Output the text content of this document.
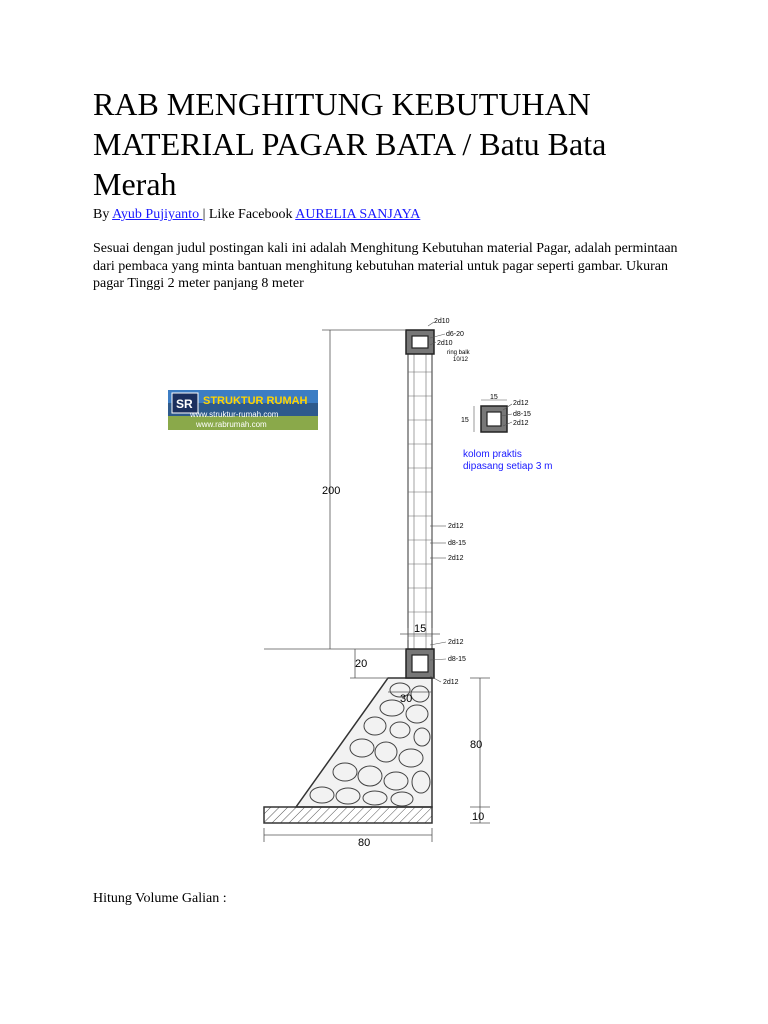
RAB MENGHITUNG KEBUTUHAN MATERIAL PAGAR BATA / Batu Bata Merah
By Ayub Pujiyanto | Like Facebook AURELIA SANJAYA

Sesuai dengan judul postingan kali ini adalah Menghitung Kebutuhan material Pagar, adalah permintaan dari pembaca yang minta bantuan menghitung kebutuhan material untuk pagar seperti gambar. Ukuran pagar Tinggi 2 meter panjang 8 meter

SR STRUKTUR RUMAH
www.struktur-rumah.com
www.rabrumah.com
200
20
15
30
80
10
80
2d10
d6-20
2d10
ring balk
10/12
2d12
d8-15
2d12
2d12
d8-15
2d12
15
15
2d12
d8-15
2d12
kolom praktis
dipasang setiap 3 m
Hitung Volume Galian :
